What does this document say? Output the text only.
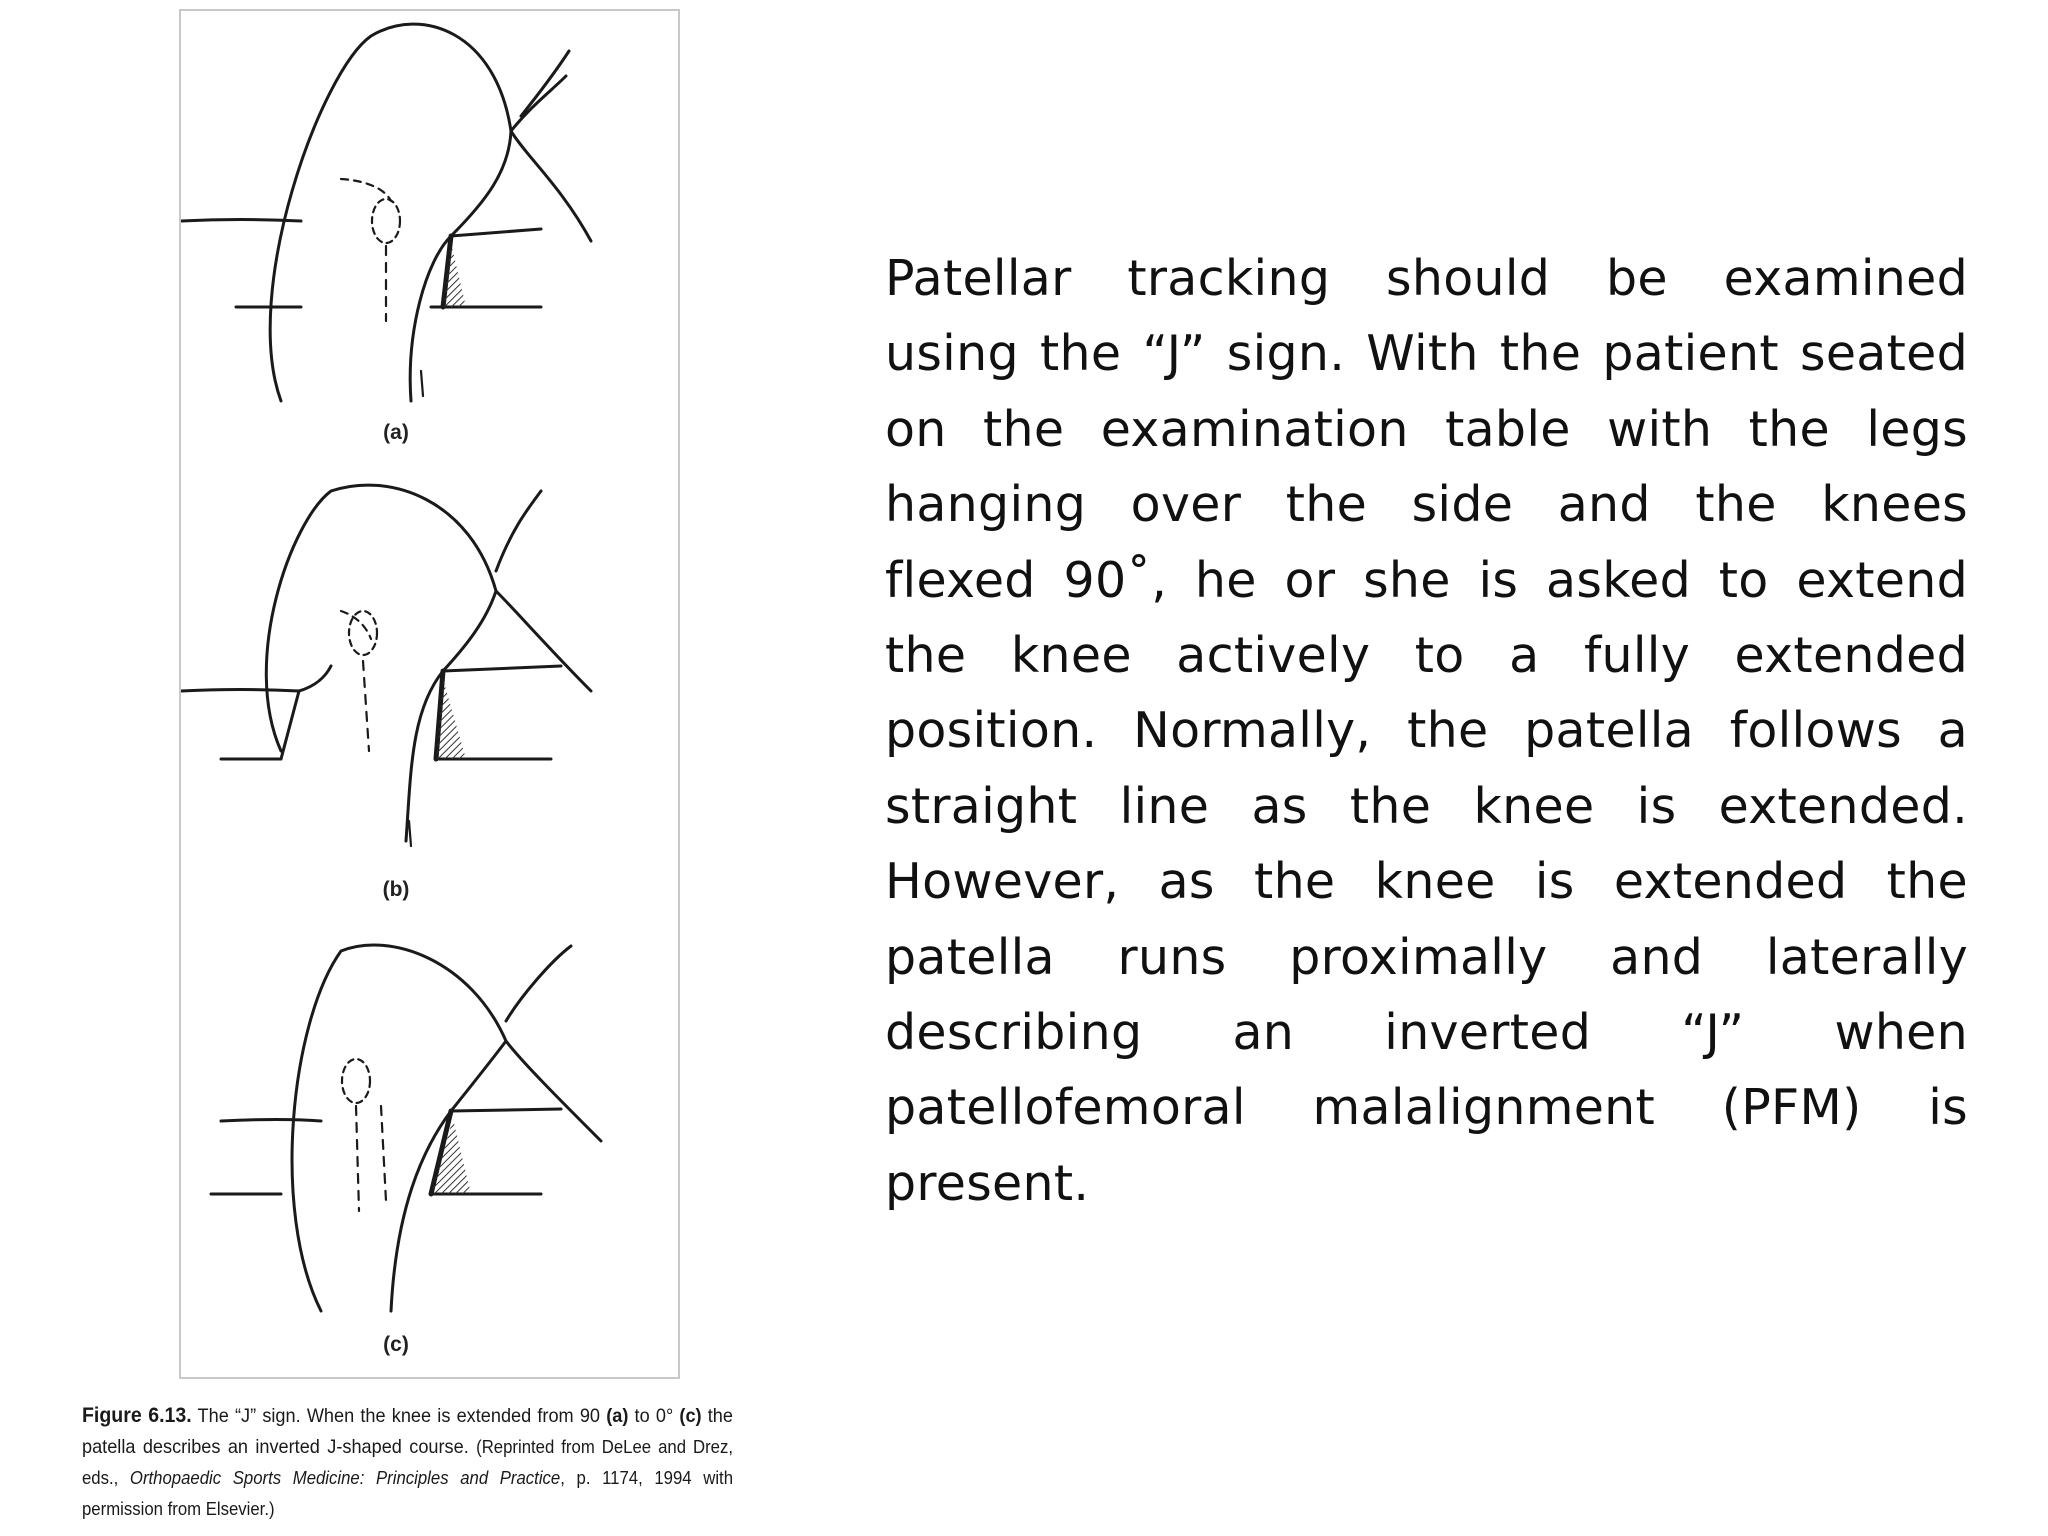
(a)
(b)
(c)
Figure 6.13. The “J” sign. When the knee is extended from 90 (a) to 0° (c) the patella describes an inverted J-shaped course. (Reprinted from DeLee and Drez, eds., Orthopaedic Sports Medicine: Principles and Practice, p. 1174, 1994 with permission from Elsevier.)
Patellar tracking should be examined
using the “J” sign. With the patient seated
on the examination table with the legs
hanging over the side and the knees
flexed 90˚, he or she is asked to extend
the knee actively to a fully extended
position. Normally, the patella follows a
straight line as the knee is extended.
However, as the knee is extended the
patella runs proximally and laterally
describing an inverted “J” when
patellofemoral malalignment (PFM) is
present.
